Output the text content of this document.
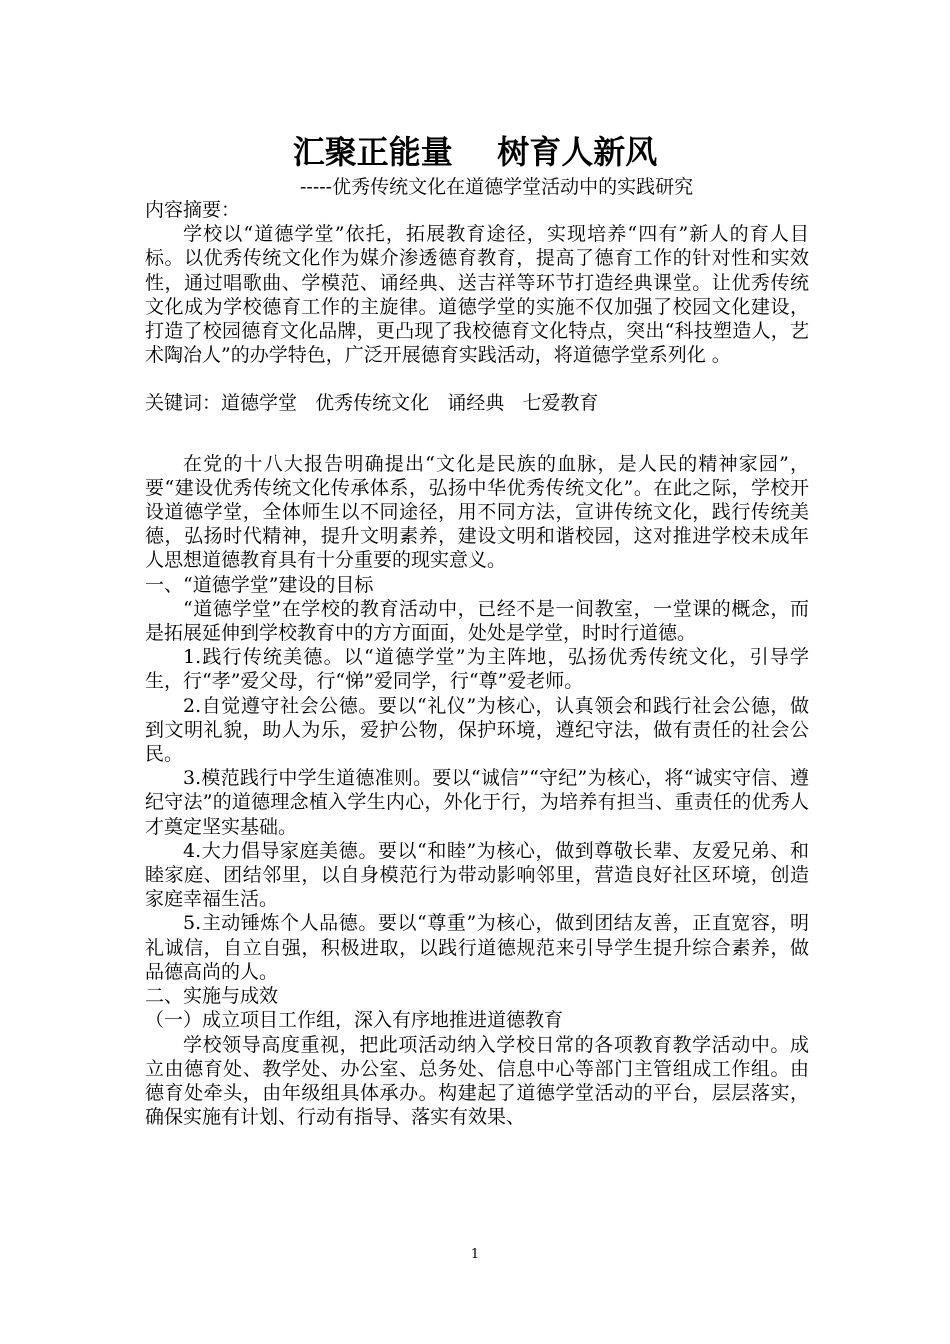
汇聚正能量    树育人新风
-----优秀传统文化在道德学堂活动中的实践研究

内容摘要：

学校以“道德学堂”依托，拓展教育途径，实现培养“四有”新人的育人目标。以优秀传统文化作为媒介渗透德育教育，提高了德育工作的针对性和实效性，通过唱歌曲、学模范、诵经典、送吉祥等环节打造经典课堂。让优秀传统文化成为学校德育工作的主旋律。道德学堂的实施不仅加强了校园文化建设，打造了校园德育文化品牌，更凸现了我校德育文化特点，突出“科技塑造人，艺术陶冶人”的办学特色，广泛开展德育实践活动，将道德学堂系列化 。

关键词：道德学堂   优秀传统文化   诵经典   七爱教育

在党的十八大报告明确提出“文化是民族的血脉，是人民的精神家园”，要“建设优秀传统文化传承体系，弘扬中华优秀传统文化”。在此之际，学校开设道德学堂，全体师生以不同途径，用不同方法，宣讲传统文化，践行传统美德，弘扬时代精神，提升文明素养，建设文明和谐校园，这对推进学校未成年人思想道德教育具有十分重要的现实意义。

一、“道德学堂”建设的目标

“道德学堂”在学校的教育活动中，已经不是一间教室，一堂课的概念，而是拓展延伸到学校教育中的方方面面，处处是学堂，时时行道德。

1.践行传统美德。以“道德学堂”为主阵地，弘扬优秀传统文化，引导学生，行“孝”爱父母，行“悌”爱同学，行“尊”爱老师。

2.自觉遵守社会公德。要以“礼仪”为核心，认真领会和践行社会公德，做到文明礼貌，助人为乐，爱护公物，保护环境，遵纪守法，做有责任的社会公民。

3.模范践行中学生道德准则。要以“诚信”“守纪”为核心，将“诚实守信、遵纪守法”的道德理念植入学生内心，外化于行，为培养有担当、重责任的优秀人才奠定坚实基础。

4.大力倡导家庭美德。要以“和睦”为核心，做到尊敬长辈、友爱兄弟、和睦家庭、团结邻里，以自身模范行为带动影响邻里，营造良好社区环境，创造家庭幸福生活。

5.主动锤炼个人品德。要以“尊重”为核心，做到团结友善，正直宽容，明礼诚信，自立自强，积极进取，以践行道德规范来引导学生提升综合素养，做品德高尚的人。

二、实施与成效

（一）成立项目工作组，深入有序地推进道德教育

学校领导高度重视，把此项活动纳入学校日常的各项教育教学活动中。成立由德育处、教学处、办公室、总务处、信息中心等部门主管组成工作组。由德育处牵头，由年级组具体承办。构建起了道德学堂活动的平台，层层落实，确保实施有计划、行动有指导、落实有效果、

1
